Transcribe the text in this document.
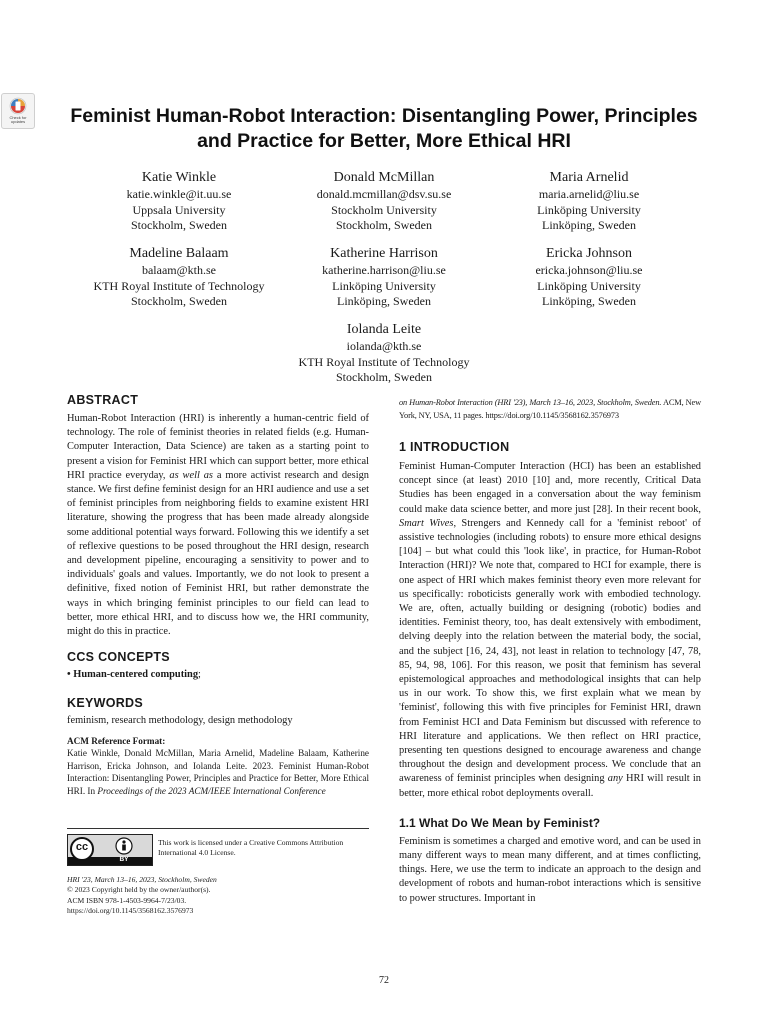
Check for updates	Feminist Human-Robot Interaction: Disentangling Power, Principles and Practice for Better, More Ethical HRI
Katie Winkle
katie.winkle@it.uu.se
Uppsala University
Stockholm, Sweden
Donald McMillan
donald.mcmillan@dsv.su.se
Stockholm University
Stockholm, Sweden
Maria Arnelid
maria.arnelid@liu.se
Linköping University
Linköping, Sweden
Madeline Balaam
balaam@kth.se
KTH Royal Institute of Technology
Stockholm, Sweden
Katherine Harrison
katherine.harrison@liu.se
Linköping University
Linköping, Sweden
Ericka Johnson
ericka.johnson@liu.se
Linköping University
Linköping, Sweden
Iolanda Leite
iolanda@kth.se
KTH Royal Institute of Technology
Stockholm, Sweden
ABSTRACT

Human-Robot Interaction (HRI) is inherently a human-centric field of technology. The role of feminist theories in related fields (e.g. Human-Computer Interaction, Data Science) are taken as a starting point to present a vision for Feminist HRI which can support better, more ethical HRI practice everyday, as well as a more activist research and design stance. We first define feminist design for an HRI audience and use a set of feminist principles from neighboring fields to examine existent HRI literature, showing the progress that has been made already alongside some additional potential ways forward. Following this we identify a set of reflexive questions to be posed throughout the HRI design, research and development pipeline, encouraging a sensitivity to power and to individuals' goals and values. Importantly, we do not look to present a definitive, fixed notion of Feminist HRI, but rather demonstrate the ways in which bringing feminist principles to our field can lead to better, more ethical HRI, and to discuss how we, the HRI community, might do this in practice.

CCS CONCEPTS

• Human-centered computing;

KEYWORDS

feminism, research methodology, design methodology

ACM Reference Format:

Katie Winkle, Donald McMillan, Maria Arnelid, Madeline Balaam, Katherine Harrison, Ericka Johnson, and Iolanda Leite. 2023. Feminist Human-Robot Interaction: Disentangling Power, Principles and Practice for Better, More Ethical HRI. In Proceedings of the 2023 ACM/IEEE International Conference

cc
BY
This work is licensed under a Creative Commons Attribution International 4.0 License.
HRI '23, March 13–16, 2023, Stockholm, Sweden
© 2023 Copyright held by the owner/author(s).
ACM ISBN 978-1-4503-9964-7/23/03.
https://doi.org/10.1145/3568162.3576973

on Human-Robot Interaction (HRI '23), March 13–16, 2023, Stockholm, Sweden. ACM, New York, NY, USA, 11 pages. https://doi.org/10.1145/3568162.3576973

1 INTRODUCTION

Feminist Human-Computer Interaction (HCI) has been an established concept since (at least) 2010 [10] and, more recently, Critical Data Studies has been engaged in a conversation about the way feminism could make data science better, and more just [28]. In their recent book, Smart Wives, Strengers and Kennedy call for a 'feminist reboot' of assistive technologies (including robots) to ensure more ethical designs [104] – but what could this 'look like', in practice, for Human-Robot Interaction (HRI)? We note that, compared to HCI for example, there is one aspect of HRI which makes feminist theory even more relevant for us specifically: roboticists generally work with embodied technology. We are, often, actually building or designing (robotic) bodies and identities. Feminist theory, too, has dealt extensively with embodiment, delving deeply into the relation between the material body, the social, and the subject [16, 24, 43], not least in relation to technology [47, 78, 85, 94, 98, 106]. For this reason, we posit that feminism has several epistemological approaches and methodological insights that can help us in our work. To show this, we first explain what we mean by 'feminist', following this with five principles for Feminist HRI, drawn from Feminist HCI and Data Feminism but discussed with reference to HRI literature and applications. We then reflect on HRI practice, presenting ten questions designed to encourage awareness and change throughout the design and development process. We conclude that an awareness of feminist principles when designing any HRI will result in better, more ethical robot deployments overall.

1.1 What Do We Mean by Feminist?

Feminism is sometimes a charged and emotive word, and can be used in many different ways to mean many different, and at times conflicting, things. Here, we use the term to indicate an approach to the design and development of robots and human-robot interactions which is sensitive to power structures. Important in

72
